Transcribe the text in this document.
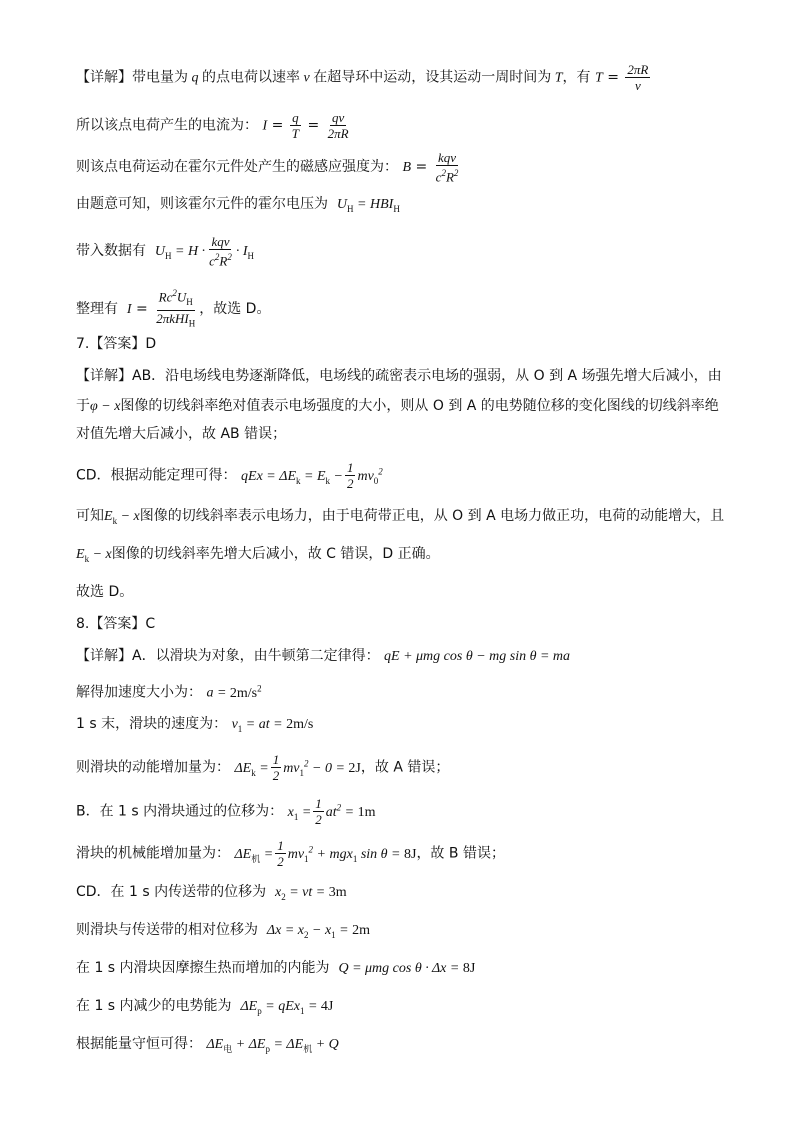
【详解】带电量为 q 的点电荷以速率 v 在超导环中运动，设其运动一周时间为 T，有 $T = \frac{2\pi R}{v}$
所以该点电荷产生的电流为： $I = \frac{q}{T} = \frac{qv}{2\pi R}$
则该点电荷运动在霍尔元件处产生的磁感应强度为： $B = \frac{\text{kqv}}{c^2R^2}$
由题意可知，则该霍尔元件的霍尔电压为 $U_H = HBI_H$
带入数据有 $U_H = H \cdot \frac{\text{kqv}}{c^2R^2} \cdot I_H$
整理有 $I = \frac{Rc^2U_H}{2\pi kHI_H}$ ，故选 D。
7.【答案】D
【详解】AB．沿电场线电势逐渐降低，电场线的疏密表示电场的强弱，从 O 到 A 场强先增大后减小，由
于φ − x图像的切线斜率绝对值表示电场强度的大小，则从 O 到 A 的电势随位移的变化图线的切线斜率绝
对值先增大后减小，故 AB 错误；
CD．根据动能定理可得： qEx = $\Delta E_k = E_k - \frac{1}{2} mv_0^2$
可知$E_k - x$图像的切线斜率表示电场力，由于电荷带正电，从 O 到 A 电场力做正功，电荷的动能增大，且
$E_k - x$图像的切线斜率先增大后减小，故 C 错误，D 正确。
故选 D。
8.【答案】C
【详解】A．以滑块为对象，由牛顿第二定律得： qE + μmg cos θ − mg sin θ = ma
解得加速度大小为： $a = 2m/s^2$
1 s 末，滑块的速度为： $v_1$ = at = 2m/s
则滑块的动能增加量为： $\Delta E_k = \frac{1}{2} mv_1^2 - 0 = 2J$，故 A 错误；
B．在 1 s 内滑块通过的位移为： $x_1 = \frac{1}{2} at^2 = 1m$
滑块的机械能增加量为： $\Delta E_机 = \frac{1}{2} mv_1^2 + mgx_1$ sin θ = 8J，故 B 错误；
CD．在 1 s 内传送带的位移为 $x_2$ = vt = 3m
则滑块与传送带的相对位移为 $\Delta x = x_2 - x_1 = 2m$
在 1 s 内滑块因摩擦生热而增加的内能为 Q = μmg cos θ · Δx = 8J
在 1 s 内减少的电势能为 $\Delta E_p = qEx_1 = 4J$
根据能量守恒可得： $\Delta E_电 + \Delta E_p = \Delta E_机 + Q$
